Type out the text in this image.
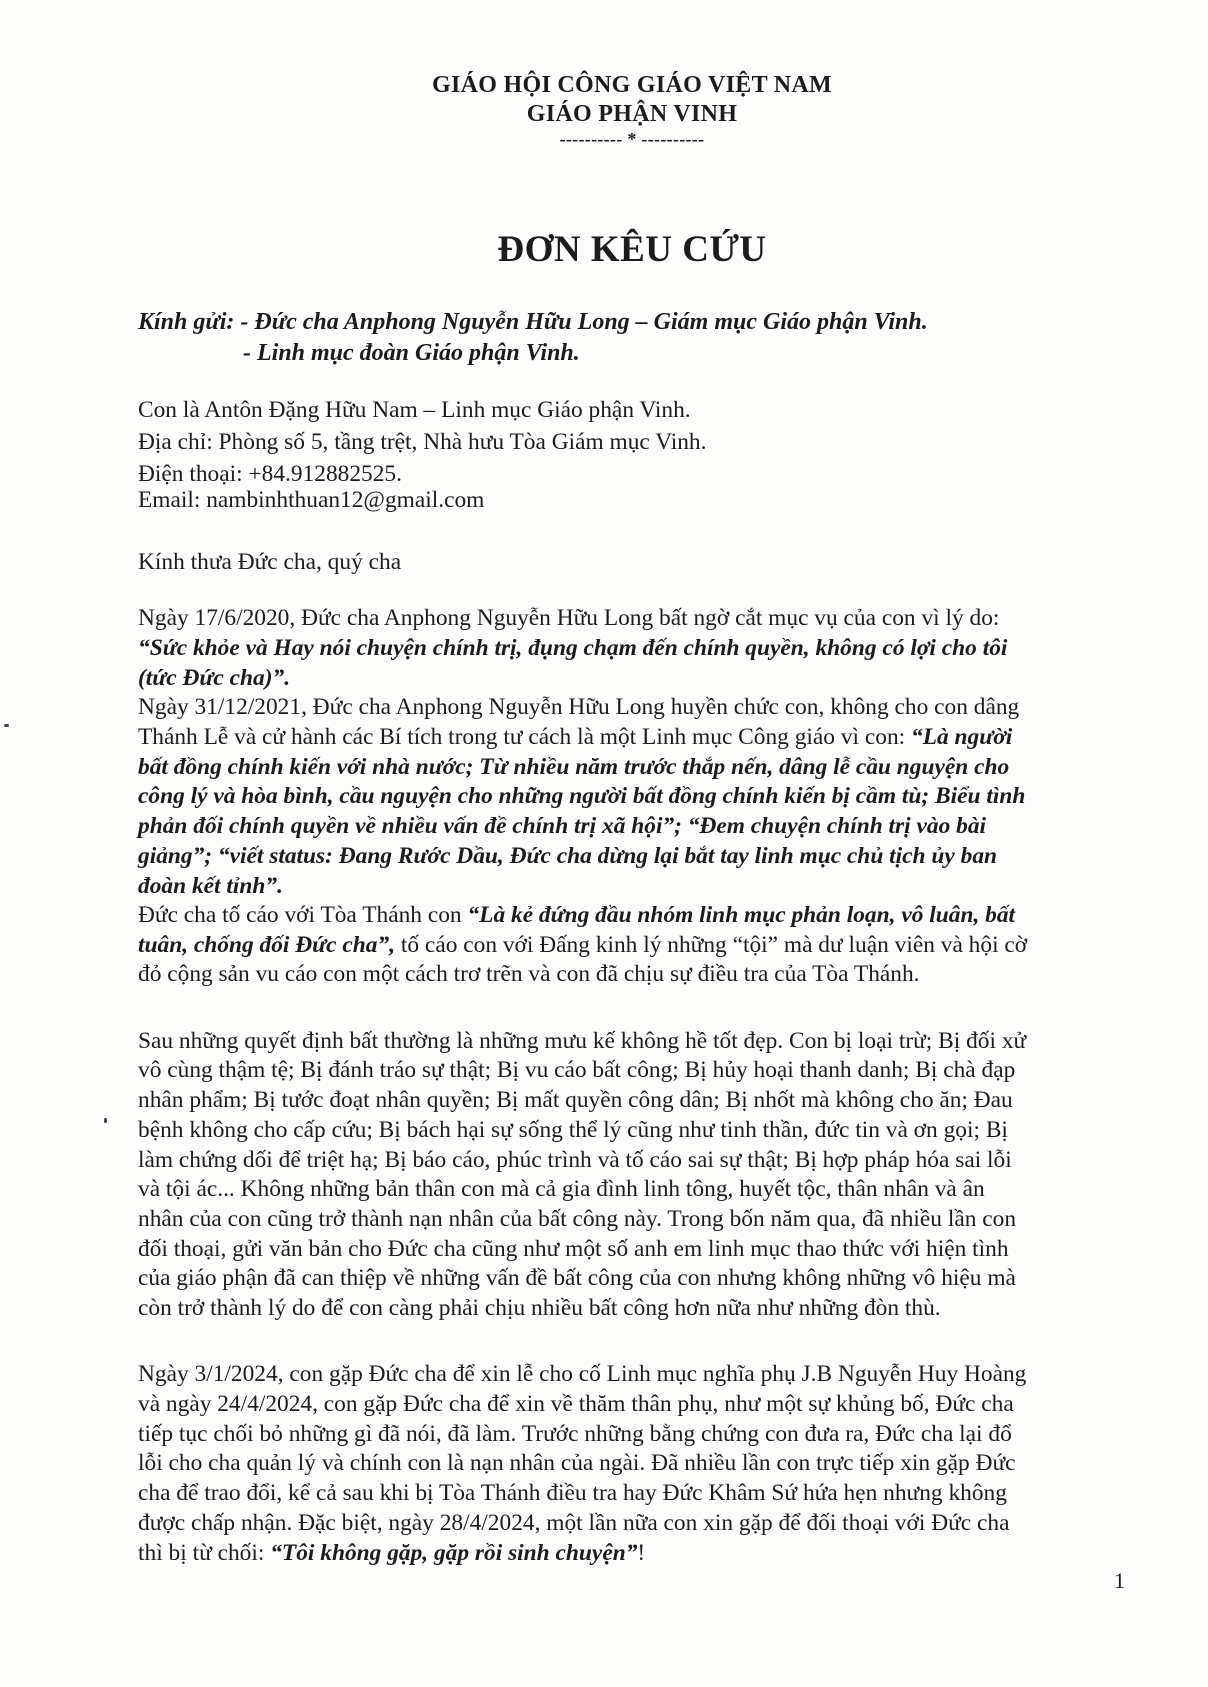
GIÁO HỘI CÔNG GIÁO VIỆT NAM
GIÁO PHẬN VINH
---------- * ----------
ĐƠN KÊU CỨU
Kính gửi: - Đức cha Anphong Nguyễn Hữu Long – Giám mục Giáo phận Vinh.
- Linh mục đoàn Giáo phận Vinh.
Con là Antôn Đặng Hữu Nam – Linh mục Giáo phận Vinh.
Địa chỉ: Phòng số 5, tầng trệt, Nhà hưu Tòa Giám mục Vinh.
Điện thoại: +84.912882525.
Email: nambinhthuan12@gmail.com
Kính thưa Đức cha, quý cha
Ngày 17/6/2020, Đức cha Anphong Nguyễn Hữu Long bất ngờ cắt mục vụ của con vì lý do:
“Sức khỏe và Hay nói chuyện chính trị, đụng chạm đến chính quyền, không có lợi cho tôi
(tức Đức cha)”.
Ngày 31/12/2021, Đức cha Anphong Nguyễn Hữu Long huyền chức con, không cho con dâng
Thánh Lễ và cử hành các Bí tích trong tư cách là một Linh mục Công giáo vì con: “Là người
bất đồng chính kiến với nhà nước; Từ nhiều năm trước thắp nến, dâng lễ cầu nguyện cho
công lý và hòa bình, cầu nguyện cho những người bất đồng chính kiến bị cầm tù; Biểu tình
phản đối chính quyền về nhiều vấn đề chính trị xã hội”; “Đem chuyện chính trị vào bài
giảng”; “viết status: Đang Rước Dầu, Đức cha dừng lại bắt tay linh mục chủ tịch ủy ban
đoàn kết tỉnh”.
Đức cha tố cáo với Tòa Thánh con “Là kẻ đứng đầu nhóm linh mục phản loạn, vô luân, bất
tuân, chống đối Đức cha”, tố cáo con với Đấng kinh lý những “tội” mà dư luận viên và hội cờ
đỏ cộng sản vu cáo con một cách trơ trẽn và con đã chịu sự điều tra của Tòa Thánh.
Sau những quyết định bất thường là những mưu kế không hề tốt đẹp. Con bị loại trừ; Bị đối xử
vô cùng thậm tệ; Bị đánh tráo sự thật; Bị vu cáo bất công; Bị hủy hoại thanh danh; Bị chà đạp
nhân phẩm; Bị tước đoạt nhân quyền; Bị mất quyền công dân; Bị nhốt mà không cho ăn; Đau
bệnh không cho cấp cứu; Bị bách hại sự sống thể lý cũng như tinh thần, đức tin và ơn gọi; Bị
làm chứng dối để triệt hạ; Bị báo cáo, phúc trình và tố cáo sai sự thật; Bị hợp pháp hóa sai lỗi
và tội ác... Không những bản thân con mà cả gia đình linh tông, huyết tộc, thân nhân và ân
nhân của con cũng trở thành nạn nhân của bất công này. Trong bốn năm qua, đã nhiều lần con
đối thoại, gửi văn bản cho Đức cha cũng như một số anh em linh mục thao thức với hiện tình
của giáo phận đã can thiệp về những vấn đề bất công của con nhưng không những vô hiệu mà
còn trở thành lý do để con càng phải chịu nhiều bất công hơn nữa như những đòn thù.
Ngày 3/1/2024, con gặp Đức cha để xin lễ cho cố Linh mục nghĩa phụ J.B Nguyễn Huy Hoàng
và ngày 24/4/2024, con gặp Đức cha để xin về thăm thân phụ, như một sự khủng bố, Đức cha
tiếp tục chối bỏ những gì đã nói, đã làm. Trước những bằng chứng con đưa ra, Đức cha lại đổ
lỗi cho cha quản lý và chính con là nạn nhân của ngài. Đã nhiều lần con trực tiếp xin gặp Đức
cha để trao đổi, kể cả sau khi bị Tòa Thánh điều tra hay Đức Khâm Sứ hứa hẹn nhưng không
được chấp nhận. Đặc biệt, ngày 28/4/2024, một lần nữa con xin gặp để đối thoại với Đức cha
thì bị từ chối: “Tôi không gặp, gặp rồi sinh chuyện”!
1
